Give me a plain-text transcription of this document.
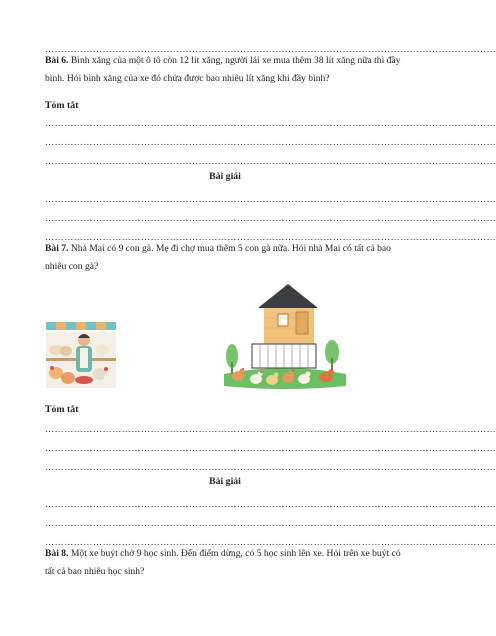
……………………………………………………………………………………………………………………………
Bài 6. Bình xăng của một ô tô còn 12 lít xăng, người lái xe mua thêm 38 lít xăng nữa thì đầy bình. Hỏi bình xăng của xe đó chứa được bao nhiêu lít xăng khi đầy bình?
Tóm tắt
……………………………………………………………………………………………………………………………
……………………………………………………………………………………………………………………………
……………………………………………………………………………………………………………………………
Bài giải
……………………………………………………………………………………………………………………………
……………………………………………………………………………………………………………………………
……………………………………………………………………………………………………………………………
Bài 7. Nhà Mai có 9 con gà. Mẹ đi chợ mua thêm 5 con gà nữa. Hỏi nhà Mai có tất cả bao nhiêu con gà?
Tóm tắt
……………………………………………………………………………………………………………………………
……………………………………………………………………………………………………………………………
……………………………………………………………………………………………………………………………
Bài giải
……………………………………………………………………………………………………………………………
……………………………………………………………………………………………………………………………
……………………………………………………………………………………………………………………………
Bài 8. Một xe buýt chở 9 học sinh. Đến điểm dừng, có 5 học sinh lên xe. Hỏi trên xe buýt có tất cả bao nhiêu học sinh?
